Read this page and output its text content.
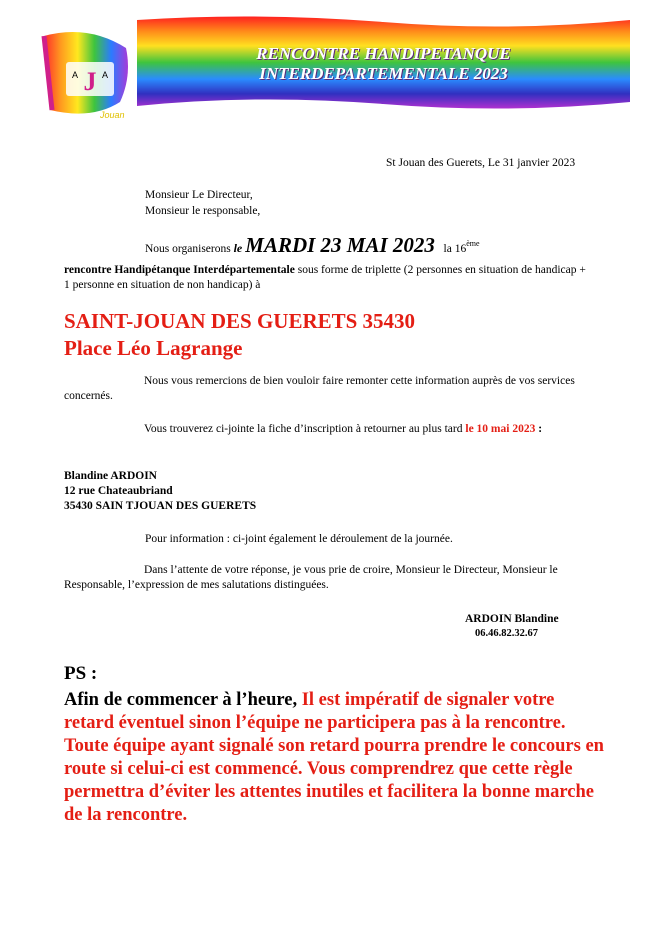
J
A	A
Jouan
RENCONTRE HANDIPETANQUE
INTERDEPARTEMENTALE 2023
St Jouan des Guerets, Le 31 janvier 2023
Monsieur Le Directeur,
Monsieur le responsable,
Nous organiserons le MARDI 23 MAI 2023 la 16ème
rencontre Handipétanque Interdépartementale sous forme de triplette (2 personnes en situation de handicap + 1 personne en situation de non handicap) à
SAINT-JOUAN DES GUERETS 35430
Place Léo Lagrange
Nous vous remercions de bien vouloir faire remonter cette information auprès de vos services concernés.
Vous trouverez ci-jointe la fiche d’inscription à retourner au plus tard le 10 mai 2023 :
Blandine ARDOIN
12 rue Chateaubriand
35430 SAIN TJOUAN DES GUERETS
Pour information : ci-joint également le déroulement de la journée.
Dans l’attente de votre réponse, je vous prie de croire, Monsieur le Directeur, Monsieur le Responsable, l’expression de mes salutations distinguées.
ARDOIN Blandine
06.46.82.32.67
PS :
Afin de commencer à l’heure, Il est impératif de signaler votre retard éventuel sinon l’équipe ne participera pas à la rencontre.
Toute équipe ayant signalé son retard pourra prendre le concours en route si celui-ci est commencé. Vous comprendrez que cette règle permettra d’éviter les attentes inutiles et facilitera la bonne marche de la rencontre.
